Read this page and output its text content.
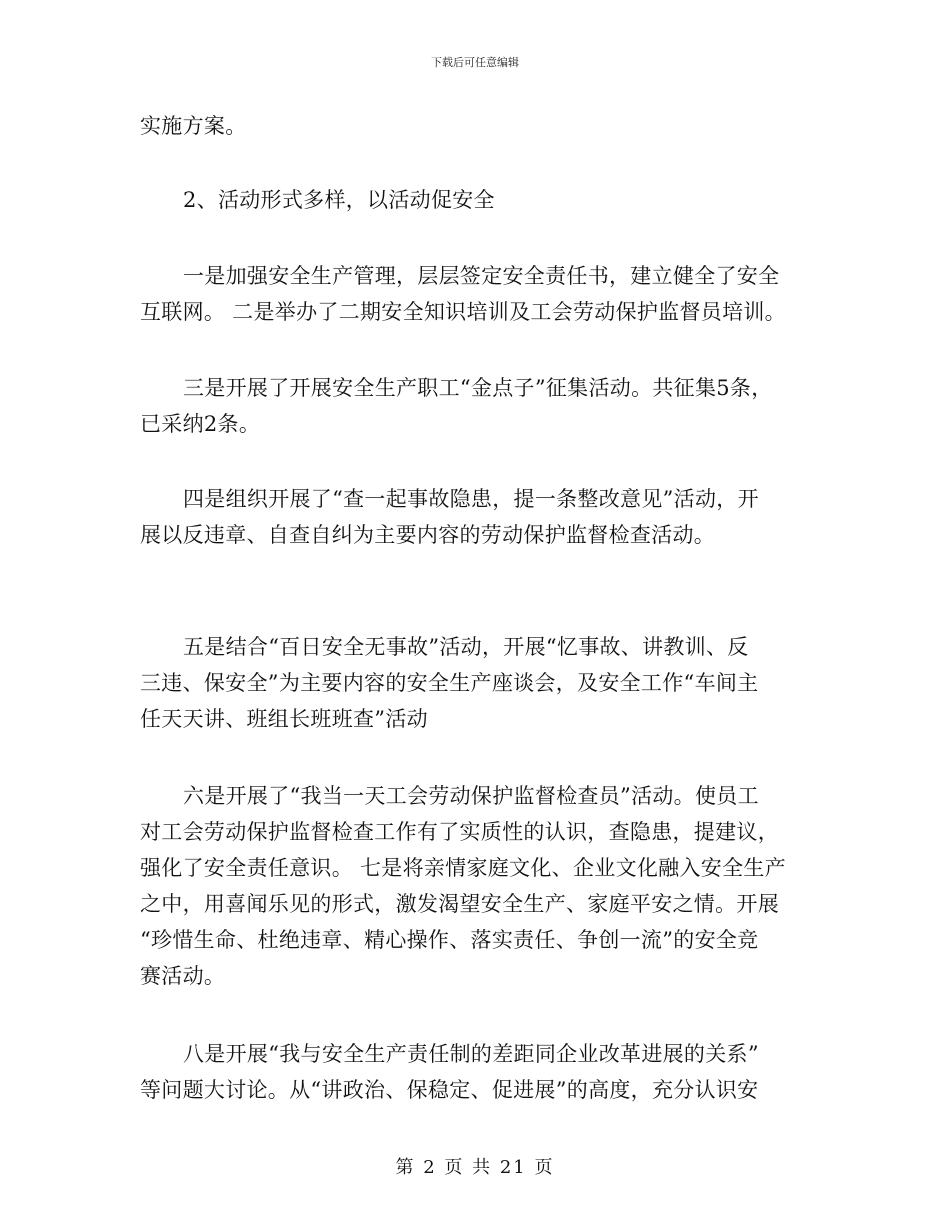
下载后可任意编辑
实施方案。
2、活动形式多样，以活动促安全
一是加强安全生产管理，层层签定安全责任书，建立健全了安全
互联网。 二是举办了二期安全知识培训及工会劳动保护监督员培训。
三是开展了开展安全生产职工“金点子”征集活动。共征集5条，
已采纳2条。
四是组织开展了“查一起事故隐患，提一条整改意见”活动，开
展以反违章、自查自纠为主要内容的劳动保护监督检查活动。
五是结合“百日安全无事故”活动，开展“忆事故、讲教训、反
三违、保安全”为主要内容的安全生产座谈会，及安全工作“车间主
任天天讲、班组长班班查”活动
六是开展了“我当一天工会劳动保护监督检查员”活动。使员工
对工会劳动保护监督检查工作有了实质性的认识，查隐患，提建议，
强化了安全责任意识。 七是将亲情家庭文化、企业文化融入安全生产
之中，用喜闻乐见的形式，激发渴望安全生产、家庭平安之情。开展
“珍惜生命、杜绝违章、精心操作、落实责任、争创一流”的安全竞
赛活动。
八是开展“我与安全生产责任制的差距同企业改革进展的关系”
等问题大讨论。从“讲政治、保稳定、促进展”的高度，充分认识安
第 2 页 共 21 页
